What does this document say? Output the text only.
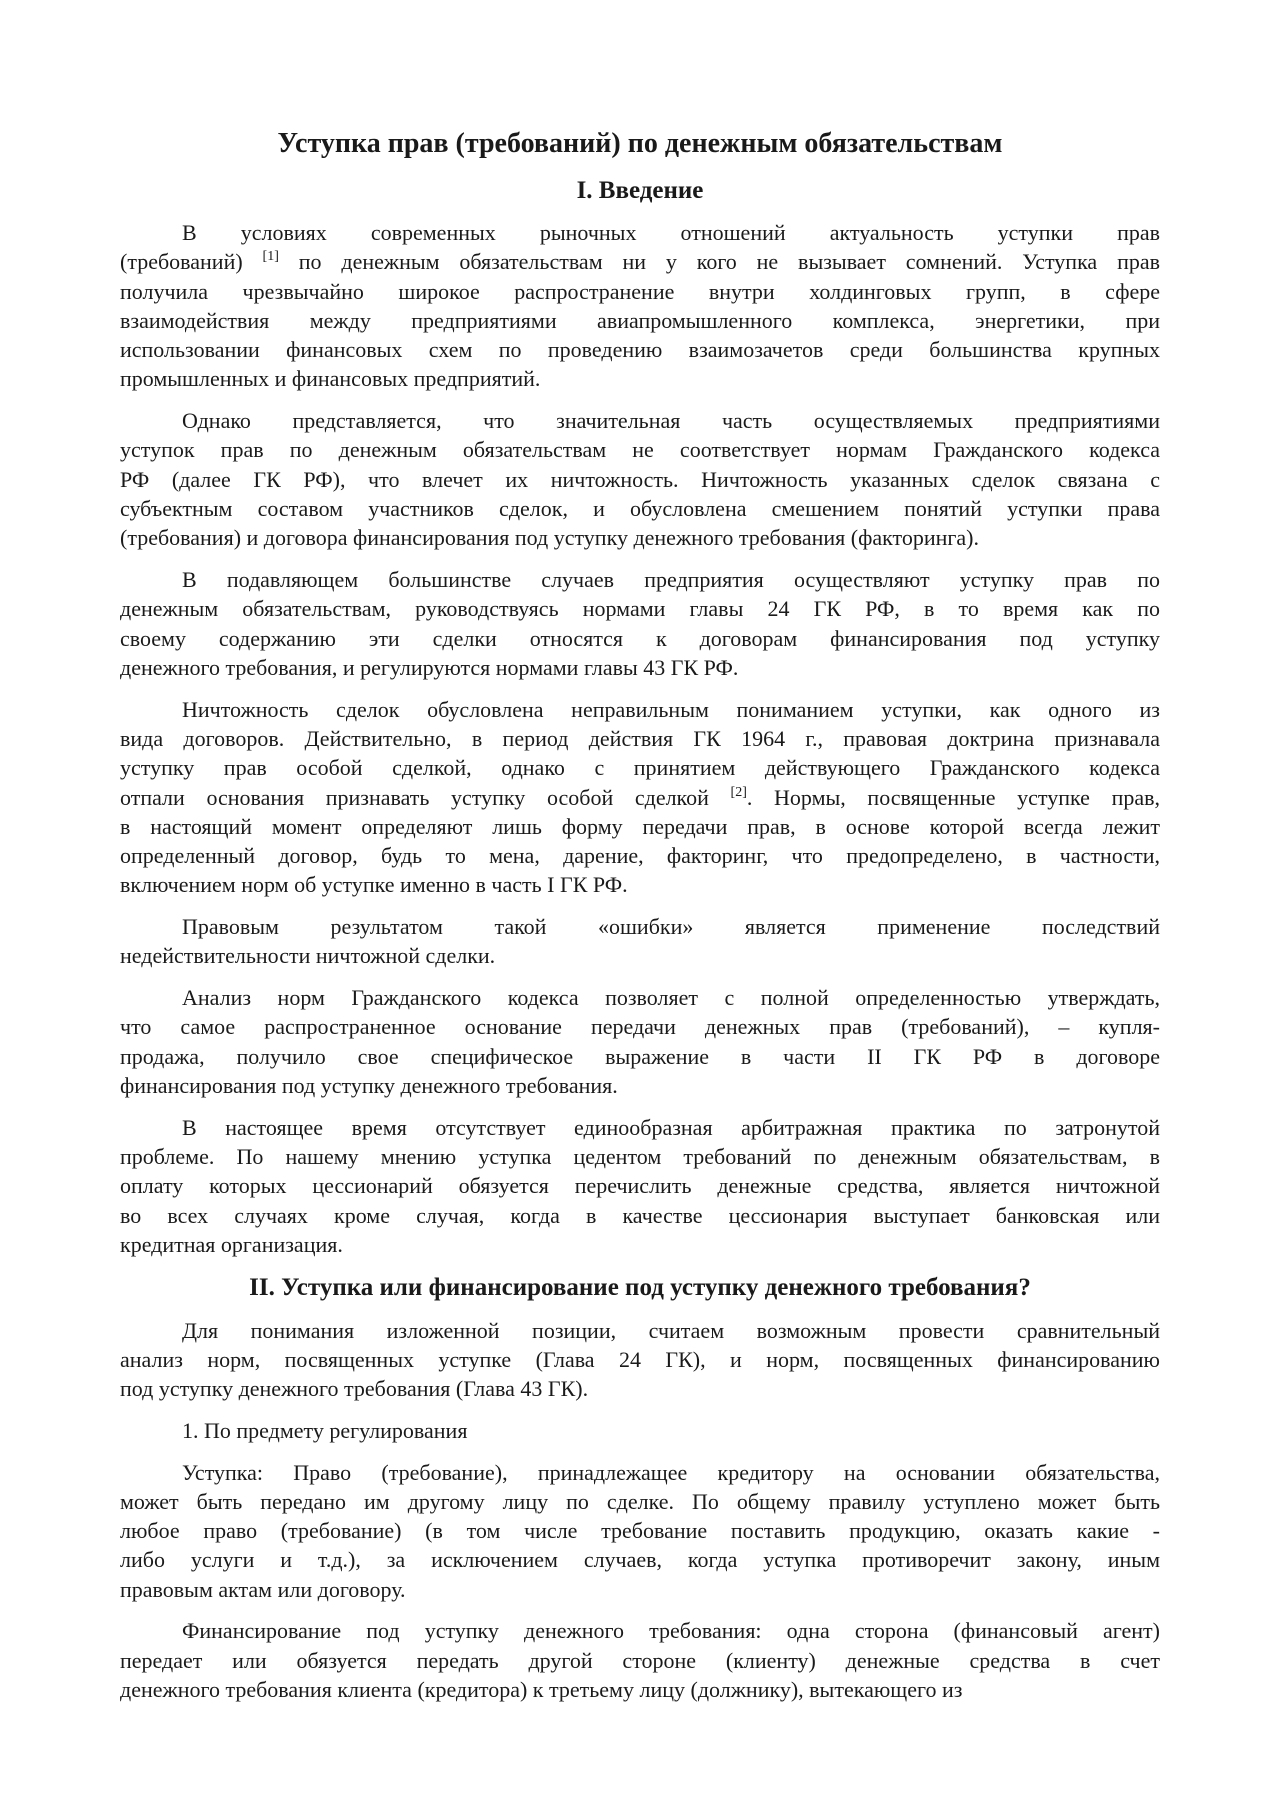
Уступка прав (требований) по денежным обязательствам
I. Введение
В условиях современных рыночных отношений актуальность уступки прав
(требований) [1] по денежным обязательствам ни у кого не вызывает сомнений. Уступка прав
получила чрезвычайно широкое распространение внутри холдинговых групп, в сфере
взаимодействия между предприятиями авиапромышленного комплекса, энергетики, при
использовании финансовых схем по проведению взаимозачетов среди большинства крупных
промышленных и финансовых предприятий.
Однако представляется, что значительная часть осуществляемых предприятиями
уступок прав по денежным обязательствам не соответствует нормам Гражданского кодекса
РФ (далее ГК РФ), что влечет их ничтожность. Ничтожность указанных сделок связана с
субъектным составом участников сделок, и обусловлена смешением понятий уступки права
(требования) и договора финансирования под уступку денежного требования (факторинга).
В подавляющем большинстве случаев предприятия осуществляют уступку прав по
денежным обязательствам, руководствуясь нормами главы 24 ГК РФ, в то время как по
своему содержанию эти сделки относятся к договорам финансирования под уступку
денежного требования, и регулируются нормами главы 43 ГК РФ.
Ничтожность сделок обусловлена неправильным пониманием уступки, как одного из
вида договоров. Действительно, в период действия ГК 1964 г., правовая доктрина признавала
уступку прав особой сделкой, однако с принятием действующего Гражданского кодекса
отпали основания признавать уступку особой сделкой [2]. Нормы, посвященные уступке прав,
в настоящий момент определяют лишь форму передачи прав, в основе которой всегда лежит
определенный договор, будь то мена, дарение, факторинг, что предопределено, в частности,
включением норм об уступке именно в часть I ГК РФ.
Правовым результатом такой «ошибки» является применение последствий
недействительности ничтожной сделки.
Анализ норм Гражданского кодекса позволяет с полной определенностью утверждать,
что самое распространенное основание передачи денежных прав (требований), – купля-
продажа, получило свое специфическое выражение в части II ГК РФ в договоре
финансирования под уступку денежного требования.
В настоящее время отсутствует единообразная арбитражная практика по затронутой
проблеме. По нашему мнению уступка цедентом требований по денежным обязательствам, в
оплату которых цессионарий обязуется перечислить денежные средства, является ничтожной
во всех случаях кроме случая, когда в качестве цессионария выступает банковская или
кредитная организация.
II. Уступка или финансирование под уступку денежного требования?
Для понимания изложенной позиции, считаем возможным провести сравнительный
анализ норм, посвященных уступке (Глава 24 ГК), и норм, посвященных финансированию
под уступку денежного требования (Глава 43 ГК).
1. По предмету регулирования
Уступка: Право (требование), принадлежащее кредитору на основании обязательства,
может быть передано им другому лицу по сделке. По общему правилу уступлено может быть
любое право (требование) (в том числе требование поставить продукцию, оказать какие -
либо услуги и т.д.), за исключением случаев, когда уступка противоречит закону, иным
правовым актам или договору.
Финансирование под уступку денежного требования: одна сторона (финансовый агент)
передает или обязуется передать другой стороне (клиенту) денежные средства в счет
денежного требования клиента (кредитора) к третьему лицу (должнику), вытекающего из
